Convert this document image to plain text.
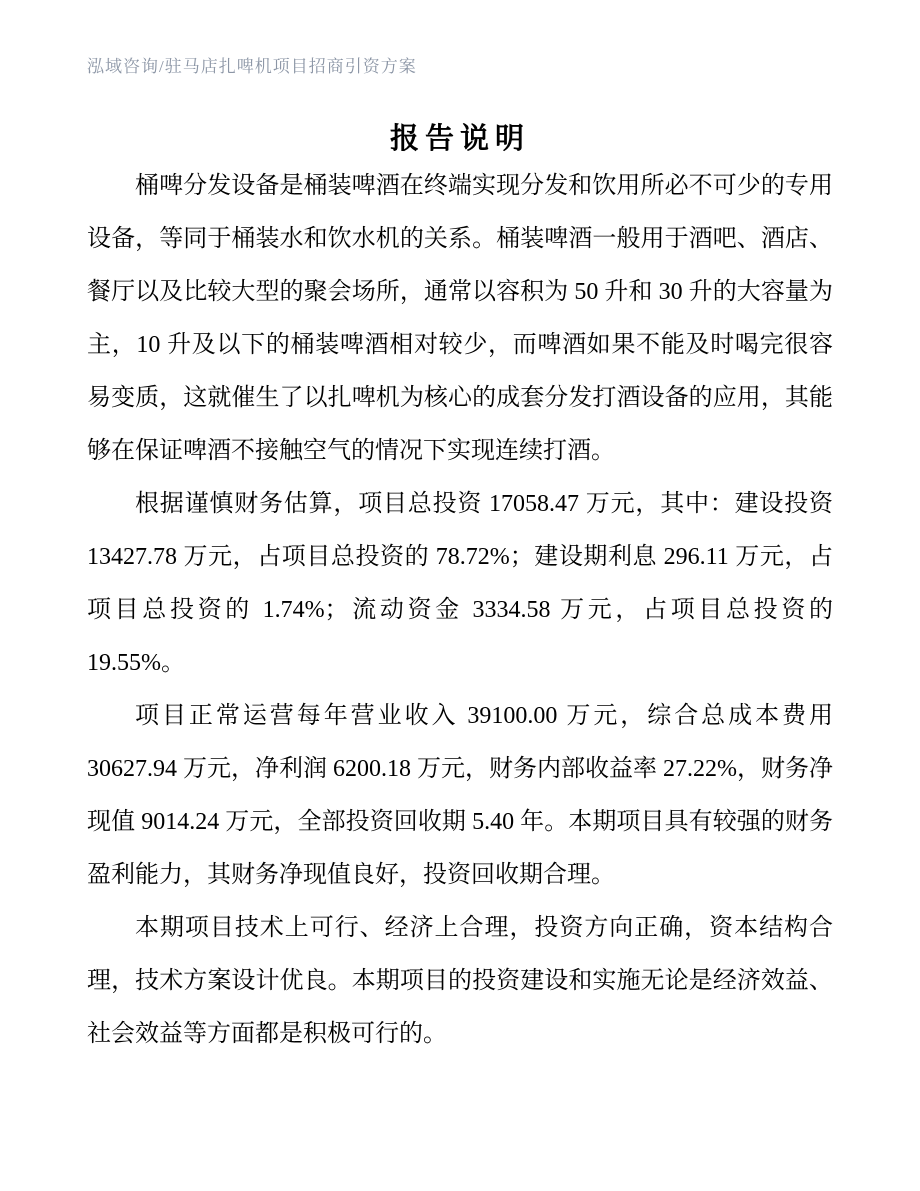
泓域咨询/驻马店扎啤机项目招商引资方案
报告说明

桶啤分发设备是桶装啤酒在终端实现分发和饮用所必不可少的专用设备，等同于桶装水和饮水机的关系。桶装啤酒一般用于酒吧、酒店、餐厅以及比较大型的聚会场所，通常以容积为 50 升和 30 升的大容量为主，10 升及以下的桶装啤酒相对较少，而啤酒如果不能及时喝完很容易变质，这就催生了以扎啤机为核心的成套分发打酒设备的应用，其能够在保证啤酒不接触空气的情况下实现连续打酒。

根据谨慎财务估算，项目总投资 17058.47 万元，其中：建设投资 13427.78 万元，占项目总投资的 78.72%；建设期利息 296.11 万元，占项目总投资的 1.74%；流动资金 3334.58 万元，占项目总投资的 19.55%。

项目正常运营每年营业收入 39100.00 万元，综合总成本费用 30627.94 万元，净利润 6200.18 万元，财务内部收益率 27.22%，财务净现值 9014.24 万元，全部投资回收期 5.40 年。本期项目具有较强的财务盈利能力，其财务净现值良好，投资回收期合理。

本期项目技术上可行、经济上合理，投资方向正确，资本结构合理，技术方案设计优良。本期项目的投资建设和实施无论是经济效益、社会效益等方面都是积极可行的。
